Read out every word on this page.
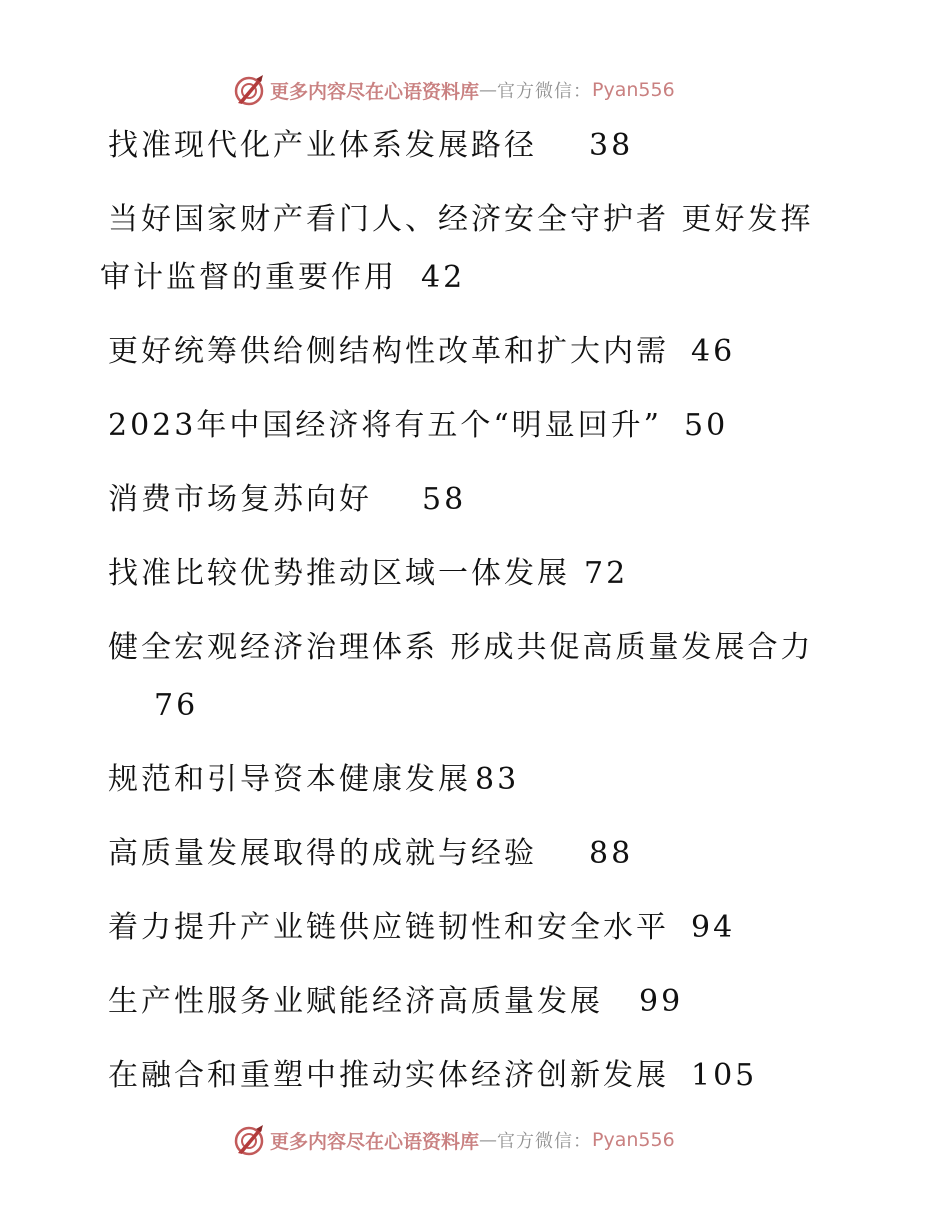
更多内容尽在心语资料库 — 官方微信： Pyan556
找准现代化产业体系发展路径 38
当好国家财产看门人、经济安全守护者 更好发挥
审计监督的重要作用 42
更好统筹供给侧结构性改革和扩大内需 46
2023年中国经济将有五个“明显回升” 50
消费市场复苏向好 58
找准比较优势推动区域一体发展 72
健全宏观经济治理体系 形成共促高质量发展合力
76
规范和引导资本健康发展 83
高质量发展取得的成就与经验 88
着力提升产业链供应链韧性和安全水平 94
生产性服务业赋能经济高质量发展 99
在融合和重塑中推动实体经济创新发展 105
更多内容尽在心语资料库 — 官方微信： Pyan556
